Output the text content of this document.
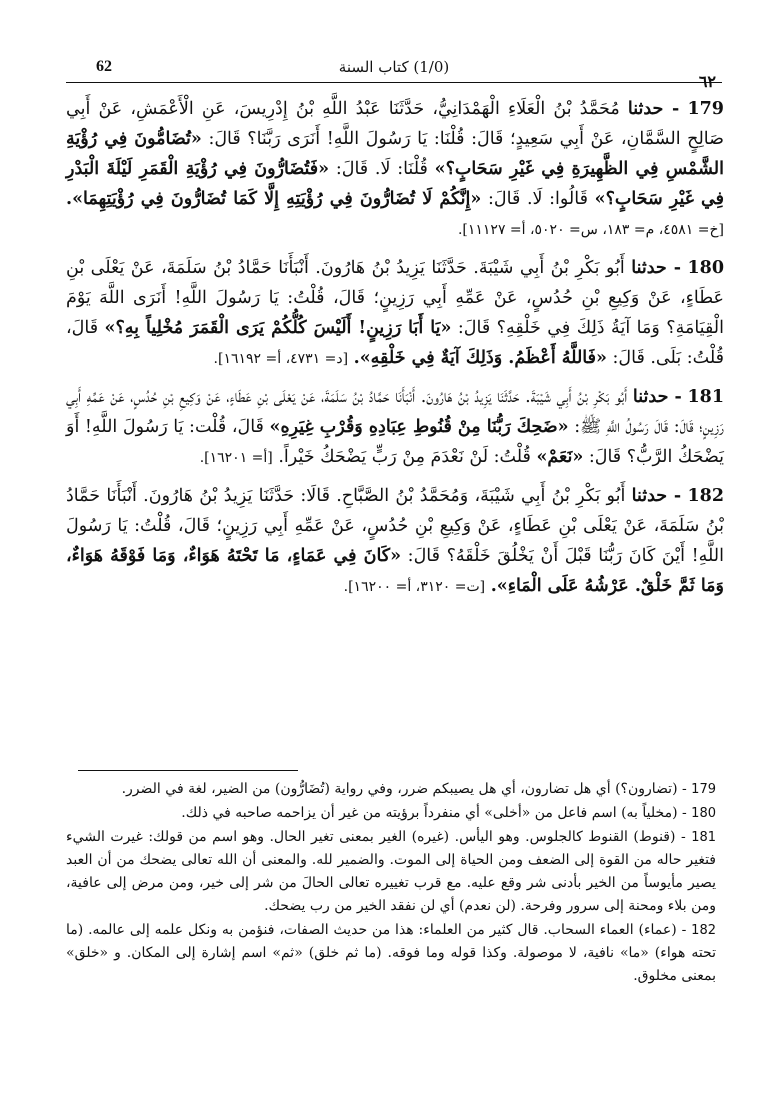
62	(1/0) كتاب السنة
٦٢

179 - حدثنا مُحَمَّدُ بْنُ الْعَلَاءِ الْهَمْدَانِيُّ، حَدَّثَنَا عَبْدُ اللَّهِ بْنُ إِدْرِيسَ، عَنِ الْأَعْمَشِ، عَنْ أَبِي صَالِحٍ السَّمَّانِ، عَنْ أَبِي سَعِيدٍ؛ قَالَ: قُلْنَا: يَا رَسُولَ اللَّهِ! أَنَرَى رَبَّنَا؟ قَالَ: «تُضَامُّونَ فِي رُؤْيَةِ الشَّمْسِ فِي الظَّهِيرَةِ فِي غَيْرِ سَحَابٍ؟» قُلْنَا: لَا. قَالَ: «فَتُضَارُّونَ فِي رُؤْيَةِ الْقَمَرِ لَيْلَةَ الْبَدْرِ فِي غَيْرِ سَحَابٍ؟» قَالُوا: لَا. قَالَ: «إِنَّكُمْ لَا تُضَارُّونَ فِي رُؤْيَتِهِ إِلَّا كَمَا تُضَارُّونَ فِي رُؤْيَتِهِمَا». [خ= ٤٥٨١، م= ١٨٣، س= ٥٠٢٠، أ= ١١١٢٧].

180 - حدثنا أَبُو بَكْرِ بْنُ أَبِي شَيْبَةَ. حَدَّثَنَا يَزِيدُ بْنُ هَارُونَ. أَنْبَأَنَا حَمَّادُ بْنُ سَلَمَةَ، عَنْ يَعْلَى بْنِ عَطَاءٍ، عَنْ وَكِيعِ بْنِ حُدُسٍ، عَنْ عَمِّهِ أَبِي رَزِينٍ؛ قَالَ، قُلْتُ: يَا رَسُولَ اللَّهِ! أَنَرَى اللَّهَ يَوْمَ الْقِيَامَةِ؟ وَمَا آيَةُ ذَلِكَ فِي خَلْقِهِ؟ قَالَ: «يَا أَبَا رَزِينٍ! أَلَيْسَ كُلُّكُمْ يَرَى الْقَمَرَ مُخْلِياً بِهِ؟» قَالَ، قُلْتُ: بَلَى. قَالَ: «فَاللَّهُ أَعْظَمُ. وَذَلِكَ آيَةٌ فِي خَلْقِهِ». [د= ٤٧٣١، أ= ١٦١٩٢].

181 - حدثنا أَبُو بَكْرِ بْنُ أَبِي شَيْبَةَ. حَدَّثَنَا يَزِيدُ بْنُ هَارُونَ. أَنْبَأَنَا حَمَّادُ بْنُ سَلَمَةَ، عَنْ يَعْلَى بْنِ عَطَاءٍ، عَنْ وَكِيعِ بْنِ حُدُسٍ، عَنْ عَمِّهِ أَبِي رَزِينٍ؛ قَالَ: قَالَ رَسُولُ اللَّهِ ﷺ: «ضَحِكَ رَبُّنَا مِنْ قُنُوطِ عِبَادِهِ وَقُرْبِ غِيَرِهِ» قَالَ، قُلْت: يَا رَسُولَ اللَّهِ! أَوَ يَضْحَكُ الرَّبُّ؟ قَالَ: «نَعَمْ» قُلْتُ: لَنْ نَعْدَمَ مِنْ رَبٍّ يَضْحَكُ خَيْراً. [أ= ١٦٢٠١].

182 - حدثنا أَبُو بَكْرِ بْنُ أَبِي شَيْبَةَ، وَمُحَمَّدُ بْنُ الصَّبَّاحِ. قَالَا: حَدَّثَنَا يَزِيدُ بْنُ هَارُونَ. أَنْبَأَنَا حَمَّادُ بْنُ سَلَمَةَ، عَنْ يَعْلَى بْنِ عَطَاءٍ، عَنْ وَكِيعِ بْنِ حُدُسٍ، عَنْ عَمِّهِ أَبِي رَزِينٍ؛ قَالَ، قُلْتُ: يَا رَسُولَ اللَّهِ! أَيْنَ كَانَ رَبُّنَا قَبْلَ أَنْ يَخْلُقَ خَلْقَهُ؟ قَالَ: «كَانَ فِي عَمَاءٍ، مَا تَحْتَهُ هَوَاءٌ، وَمَا فَوْقَهُ هَوَاءٌ، وَمَا ثَمَّ خَلْقٌ. عَرْشُهُ عَلَى الْمَاءِ». [ت= ٣١٢٠، أ= ١٦٢٠٠].

179 - (تضارون؟) أي هل تضارون، أي هل يصيبكم ضرر، وفي رواية (تُضَارُّون) من الضير، لغة في الضرر.

180 - (مخلياً به) اسم فاعل من «أخلى» أي منفرداً برؤيته من غير أن يزاحمه صاحبه في ذلك.

181 - (قنوط) القنوط كالجلوس. وهو اليأس. (غيره) الغير بمعنى تغير الحال. وهو اسم من قولك: غيرت الشيء فتغير حاله من القوة إلى الضعف ومن الحياة إلى الموت. والضمير لله. والمعنى أن الله تعالى يضحك من أن العبد يصير مأيوساً من الخير بأدنى شر وقع عليه. مع قرب تغييره تعالى الحالَ من شر إلى خير، ومن مرض إلى عافية، ومن بلاء ومحنة إلى سرور وفرحة. (لن نعدم) أي لن نفقد الخير من رب يضحك.

182 - (عماء) العماء السحاب. قال كثير من العلماء: هذا من حديث الصفات، فنؤمن به ونكل علمه إلى عالمه. (ما تحته هواء) «ما» نافية، لا موصولة. وكذا قوله وما فوقه. (ما ثم خلق) «ثم» اسم إشارة إلى المكان. و «خلق» بمعنى مخلوق.
